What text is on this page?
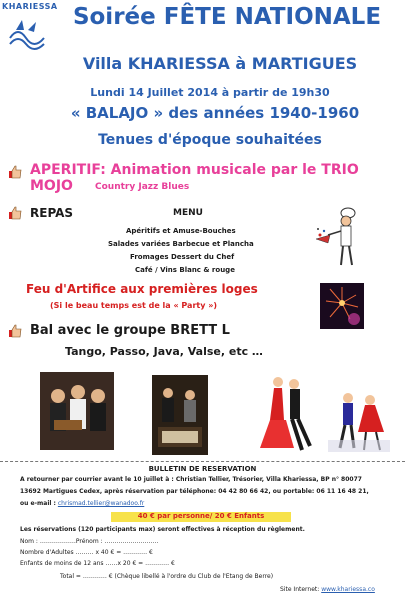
KHARIESSA Soirée FÊTE NATIONALE
Villa KHARIESSA à MARTIGUES
Lundi 14 Juillet 2014 à partir de 19h30
« BALAJO » des années 1940-1960
Tenues d'époque souhaitées
APERITIF: Animation musicale par le TRIO MOJO	Country Jazz Blues
REPAS	MENU
Apéritifs et Amuse-Bouches
Salades variées Barbecue et Plancha
Fromages Dessert du Chef
Café / Vins Blanc & rouge
Feu d'Artifice aux premières loges
(Si le beau temps est de la « Party »)
Bal avec le groupe BRETT L
Tango, Passo, Java, Valse, etc …
BULLETIN DE RESERVATION
A retourner par courrier avant le 10 juillet à : Christian Tellier, Trésorier, Villa Khariessa, BP n° 80077
13692 Martigues Cedex, après réservation par téléphone: 04 42 80 66 42, ou portable: 06 11 16 48 21,
ou e-mail : chrismad.tellier@wanadoo.fr
40 € par personne/ 20 € Enfants
Les réservations (120 participants max) seront effectives à réception du règlement.
Nom : ………………Prénom : ………………………
Nombre d'Adultes ……… x 40 € = ………… €
Enfants de moins de 12 ans ……x 20 € = ………… €
Total = ………… € (Chèque libellé à l'ordre du Club de l'Etang de Berre)
Site Internet: www.khariessa.co
